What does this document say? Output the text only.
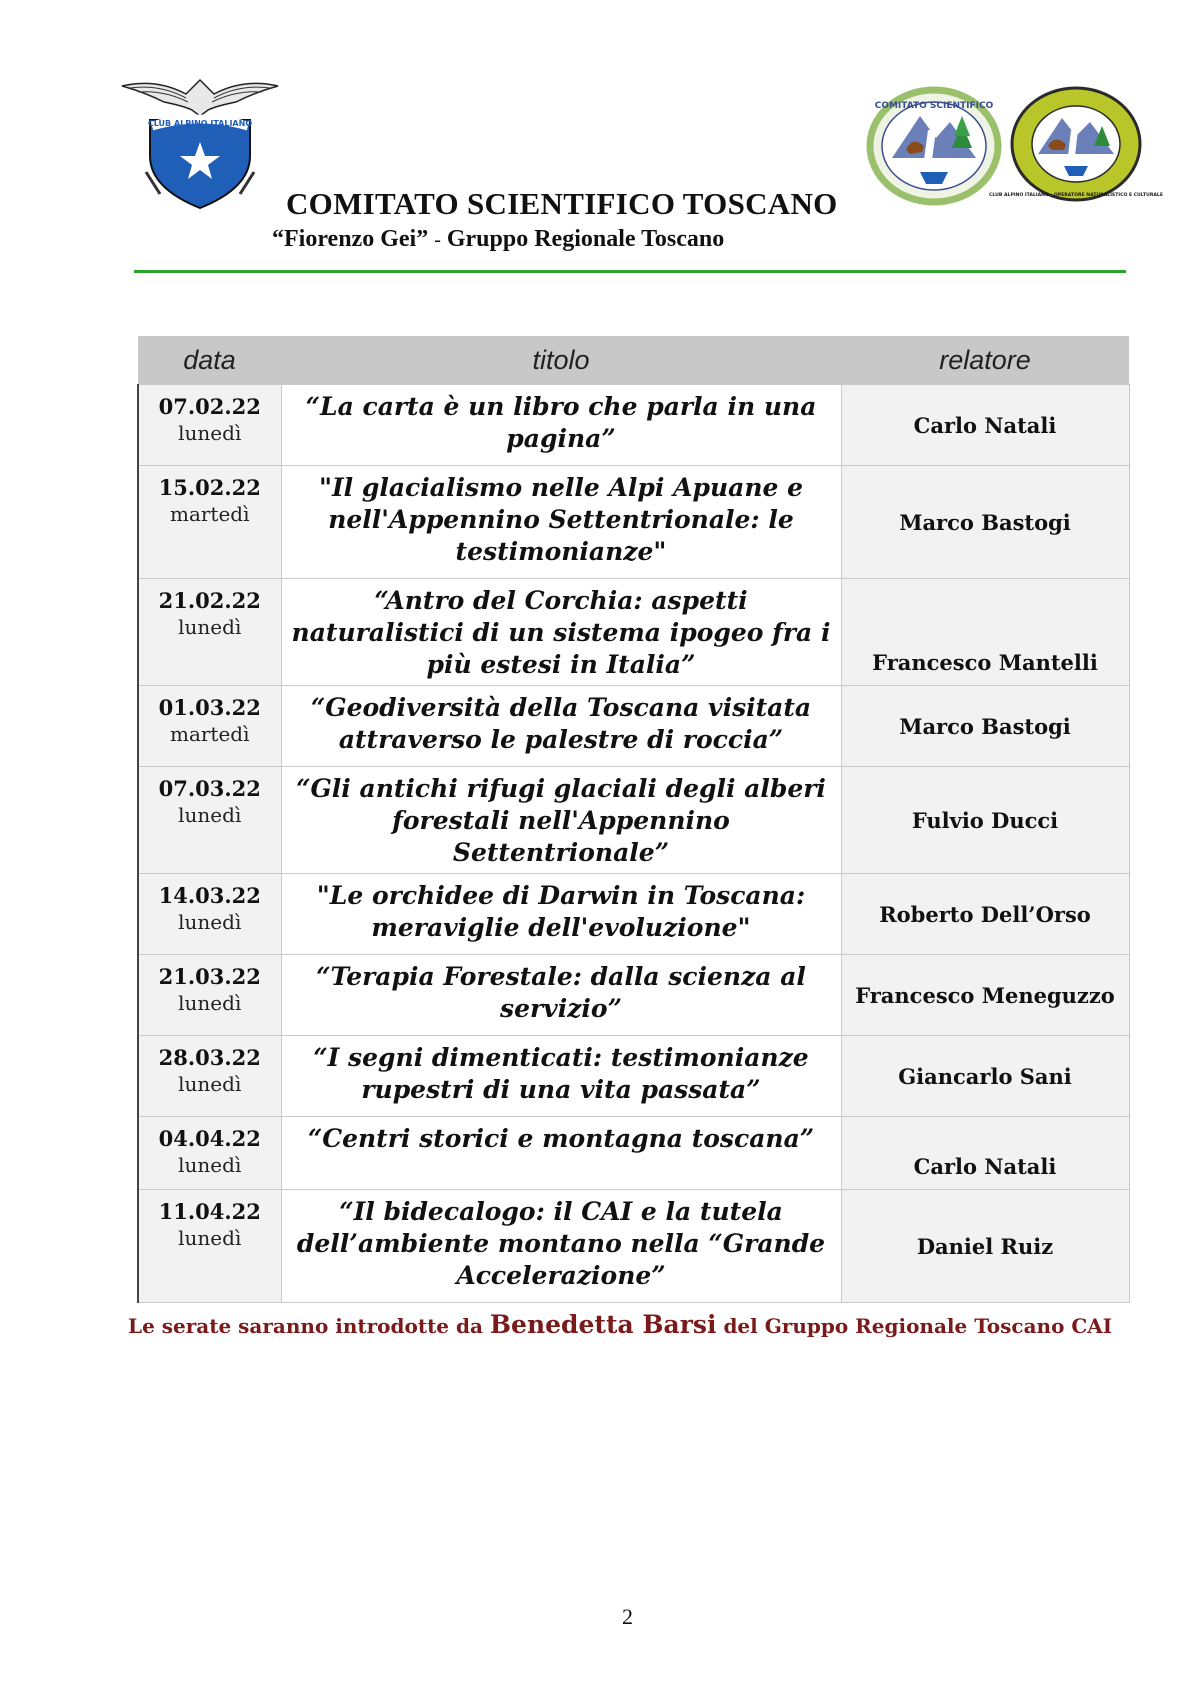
CLUB ALPINO ITALIANO
COMITATO SCIENTIFICO
CLUB ALPINO ITALIANO · OPERATORE NATURALISTICO E CULTURALE
COMITATO SCIENTIFICO TOSCANO
“Fiorenzo Gei” - Gruppo Regionale Toscano
data	titolo	relatore

07.02.22
lunedì	“La carta è un libro che parla in una pagina”	Carlo Natali

15.02.22
martedì	"Il glacialismo nelle Alpi Apuane e nell'Appennino Settentrionale: le testimonianze"	Marco Bastogi

21.02.22
lunedì	“Antro del Corchia: aspetti naturalistici di un sistema ipogeo fra i più estesi in Italia”	Francesco Mantelli

01.03.22
martedì	“Geodiversità della Toscana visitata attraverso le palestre di roccia”	Marco Bastogi

07.03.22
lunedì	“Gli antichi rifugi glaciali degli alberi forestali nell'Appennino Settentrionale”	Fulvio Ducci

14.03.22
lunedì	"Le orchidee di Darwin in Toscana: meraviglie dell'evoluzione"	Roberto Dell’Orso

21.03.22
lunedì	“Terapia Forestale: dalla scienza al servizio”	Francesco Meneguzzo

28.03.22
lunedì	“I segni dimenticati: testimonianze rupestri di una vita passata”	Giancarlo Sani

04.04.22
lunedì	“Centri storici e montagna toscana”	Carlo Natali

11.04.22
lunedì	“Il bidecalogo: il CAI e la tutela dell’ambiente montano nella “Grande Accelerazione”	Daniel Ruiz
Le serate saranno introdotte da Benedetta Barsi del Gruppo Regionale Toscano CAI
2
